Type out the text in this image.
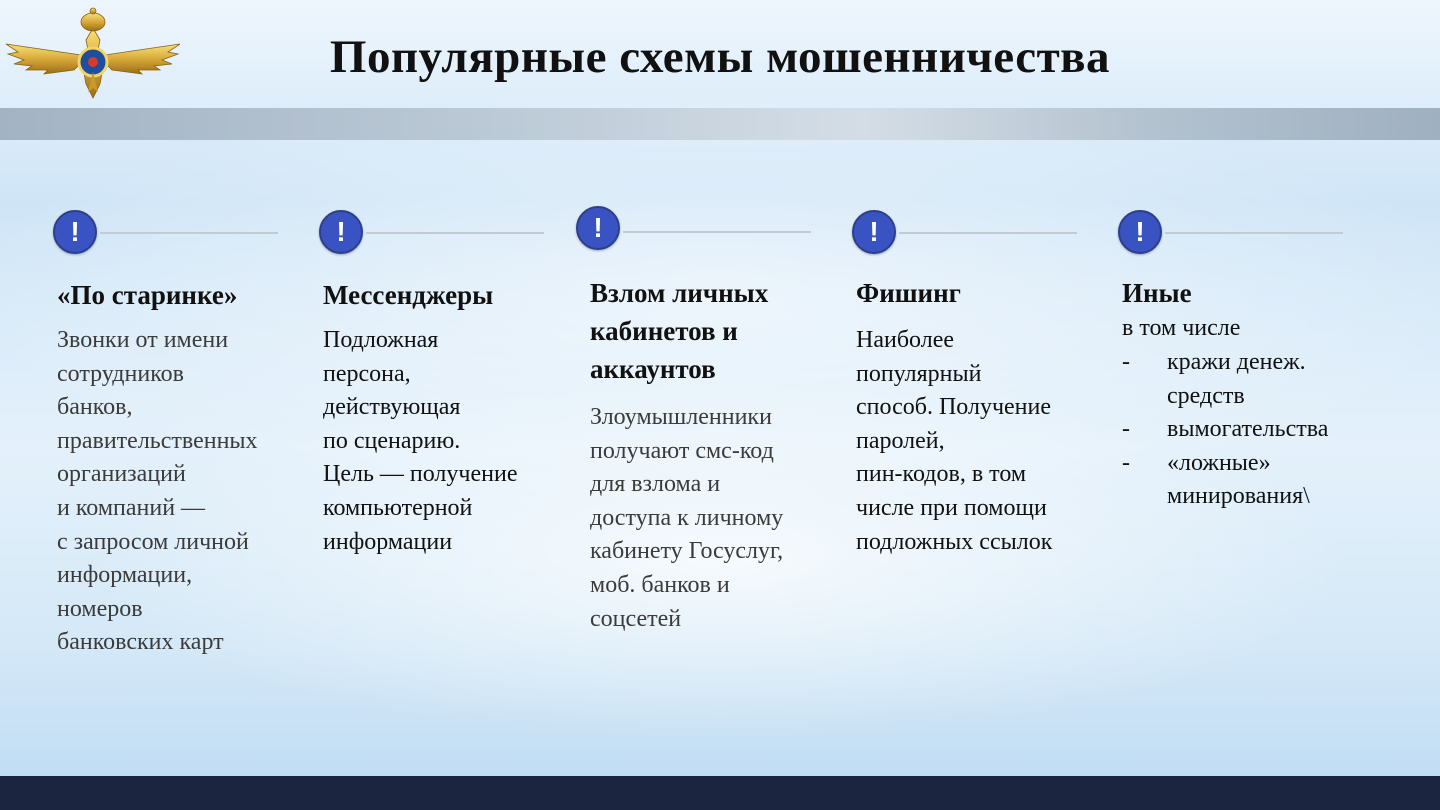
Популярные схемы мошенничества
!
«По старинке»
Звонки от имени
сотрудников
банков,
правительственных
организаций
и компаний —
с запросом личной
информации,
номеров
банковских карт
!
Мессенджеры
Подложная
персона,
действующая
по сценарию.
Цель — получение
компьютерной
информации
!
Взлом личных
кабинетов и
аккаунтов
Злоумышленники
получают смс-код
для взлома и
доступа к личному
кабинету Госуслуг,
моб. банков и
соцсетей
!
Фишинг
Наиболее
популярный
способ. Получение
паролей,
пин-кодов, в том
числе при помощи
подложных ссылок
!
Иные
в том числе
- кражи денеж.
средств
- вымогательства
- «ложные»
минирования\
